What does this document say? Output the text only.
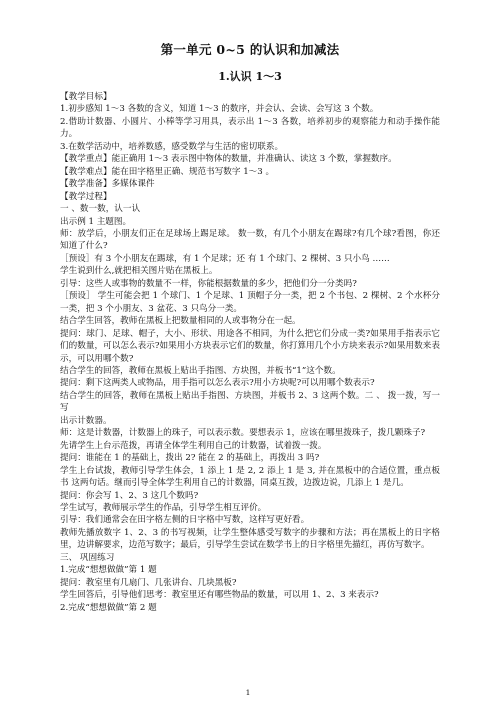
第一单元 0~5 的认识和加减法
1.认识 1～3

【教学目标】

1.初步感知 1～3 各数的含义，知道 1～3 的数序，并会认、会读、会写这 3 个数。

2.借助计数器、小圆片、小棒等学习用具，表示出 1～3 各数，培养初步的观察能力和动手操作能力。

3.在数学活动中，培养数感，感受数学与生活的密切联系。

【教学重点】能正确用 1～3 表示图中物体的数量，并准确认、读这 3 个数，掌握数序。

【教学难点】能在田字格里正确、规范书写数字 1～3 。

【教学准备】多媒体课件

【教学过程】

一 、数一数，认一认

出示例 1 主题图。

师：放学后，小朋友们正在足球场上踢足球。 数一数，有几个小朋友在踢球?有几个球?看图，你还知道了什么?

［预设］有 3 个小朋友在踢球，有 1 个足球；还 有 1 个球门、2 棵树、3 只小鸟 ……

学生说到什么,就把相关图片贴在黑板上。

引导：这些人或事物的数量不一样，你能根据数量的多少，把他们分一分类吗?

［预设］ 学生可能会把 1 个球门、1 个足球、1 顶帽子分一类，把 2 个书包、2 棵树、2 个水杯分一类，把 3 个小朋友、3 盆花、3 只鸟分一类。

结合学生回答，教师在黑板上把数量相同的人或事物分在一起。

提问：球门、足球、帽子，大小、形状、用途各不相同，为什么把它们分成一类?如果用手指表示它们的数量，可以怎么表示?如果用小方块表示它们的数量，你打算用几个小方块来表示?如果用数来表示，可以用哪个数?

结合学生的回答，教师在黑板上贴出手指图、方块图，并板书“1”这个数。

提问：剩下这两类人或物品，用手指可以怎么表示?用小方块呢?可以用哪个数表示?

结合学生的回答，教师在黑板上贴出手指图、方块图，并板书 2、3 这两个数。二 、 拨一拨，写一写

出示计数器。

师：这是计数器，计数器上的珠子，可以表示数。要想表示 1，应该在哪里拨珠子，拨几颗珠子?

先请学生上台示范拨，再请全体学生利用自己的计数器，试着拨一拨。

提问：谁能在 1 的基础上，拨出 2? 能在 2 的基础上，再拨出 3 吗?

学生上台试拨，教师引导学生体会，1 添上 1 是 2, 2 添上 1 是 3, 并在黑板中的合适位置，重点板书 这两句话。继而引导全体学生利用自己的计数器，同桌互拨，边拨边说，几添上 1 是几。

提问：你会写 1、2、3 这几个数吗?

学生试写，教师展示学生的作品，引导学生相互评价。

引导：我们通常会在田字格左侧的日字格中写数，这样写更好看。

教师先播放数字 1、2、3 的书写视频，让学生整体感受写数字的步骤和方法；再在黑板上的日字格里，边讲解要求，边范写数字；最后，引导学生尝试在数学书上的日字格里先描红，再仿写数字。

三、 巩固练习

1.完成“想想做做”第 1 题

提问：教室里有几扇门、几张讲台、几块黑板?

学生回答后，引导他们思考：教室里还有哪些物品的数量，可以用 1、2、3 来表示?

2.完成“想想做做”第 2 题

1
